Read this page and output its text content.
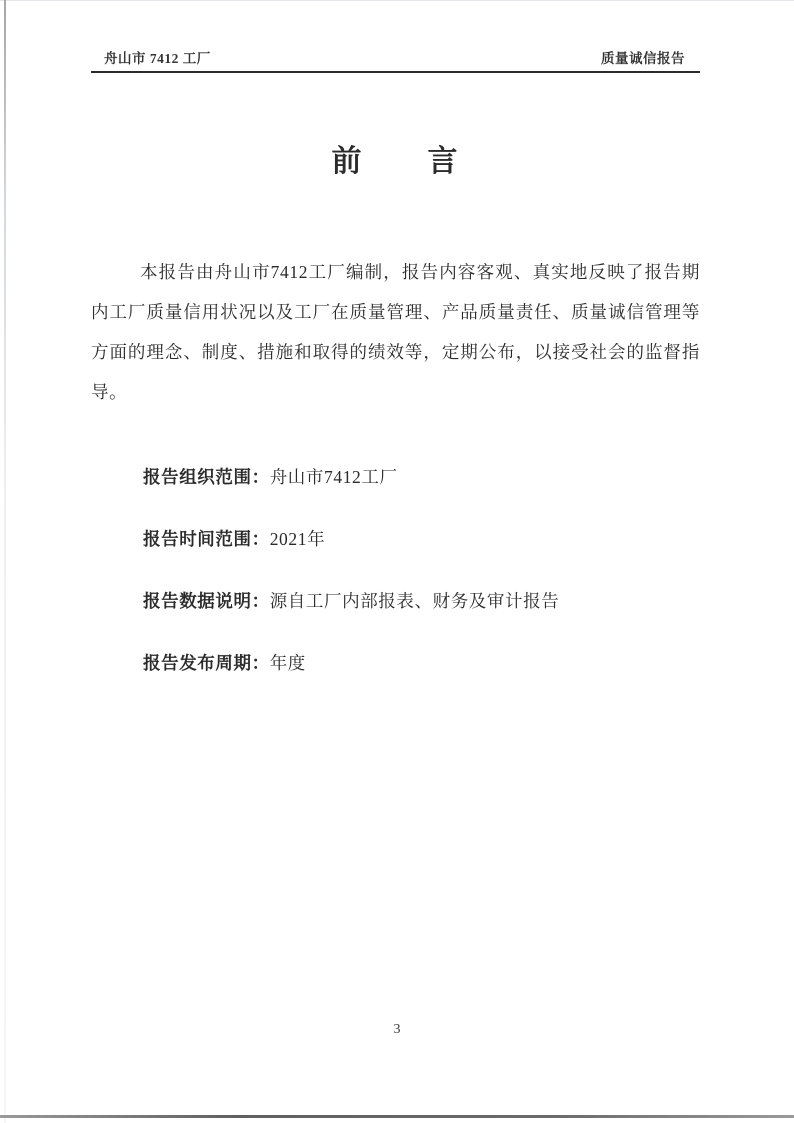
舟山市 7412 工厂	质量诚信报告
前　　言
本报告由舟山市7412工厂编制，报告内容客观、真实地反映了报告期内工厂质量信用状况以及工厂在质量管理、产品质量责任、质量诚信管理等方面的理念、制度、措施和取得的绩效等，定期公布，以接受社会的监督指导。
报告组织范围：舟山市7412工厂
报告时间范围：2021年
报告数据说明：源自工厂内部报表、财务及审计报告
报告发布周期：年度
3
